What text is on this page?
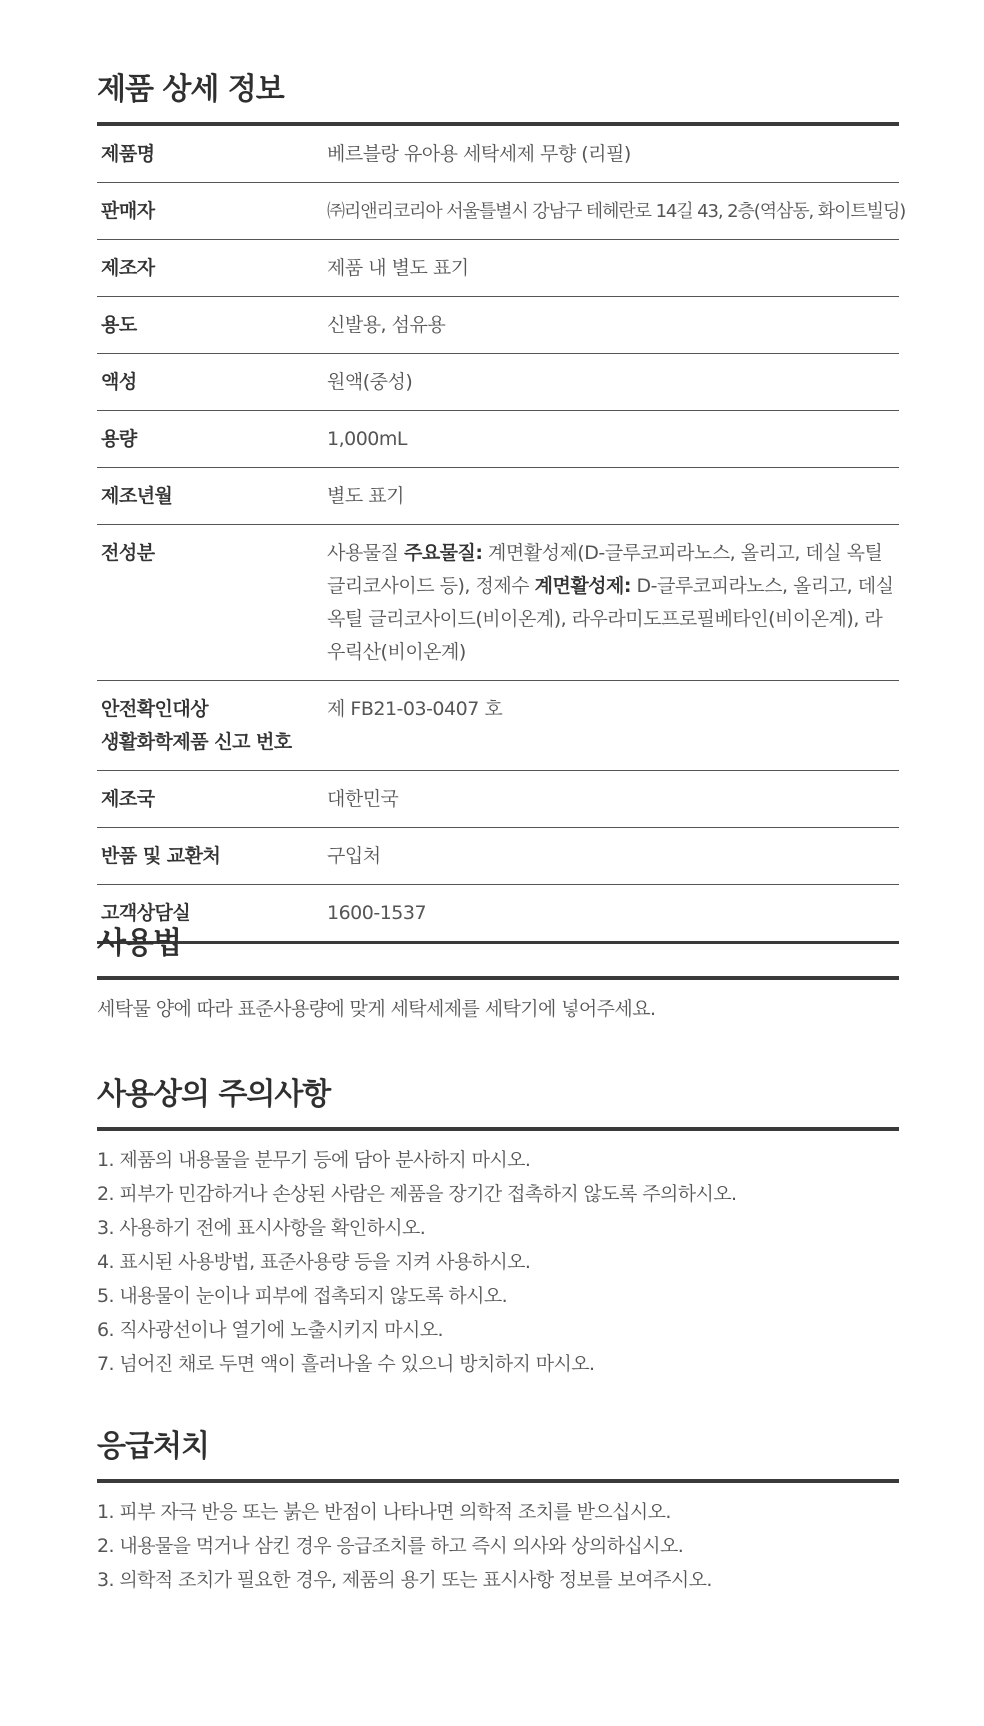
제품 상세 정보
제품명	베르블랑 유아용 세탁세제 무향 (리필)
판매자	㈜리앤리코리아 서울틀별시 강남구 테헤란로 14길 43, 2층(역삼동, 화이트빌딩)
제조자	제품 내 별도 표기
용도	신발용, 섬유용
액성	원액(중성)
용량	1,000mL
제조년월	별도 표기
전성분	사용물질 주요물질: 계면활성제(D-글루코피라노스, 올리고, 데실 옥틸 글리코사이드 등), 정제수 계면활성제: D-글루코피라노스, 올리고, 데실 옥틸 글리코사이드(비이온계), 라우라미도프로필베타인(비이온계), 라우릭산(비이온계)
안전확인대상
생활화학제품 신고 번호	제 FB21-03-0407 호
제조국	대한민국
반품 및 교환처	구입처
고객상담실	1600-1537
사용법
세탁물 양에 따라 표준사용량에 맞게 세탁세제를 세탁기에 넣어주세요.
사용상의 주의사항
1. 제품의 내용물을 분무기 등에 담아 분사하지 마시오.
2. 피부가 민감하거나 손상된 사람은 제품을 장기간 접촉하지 않도록 주의하시오.
3. 사용하기 전에 표시사항을 확인하시오.
4. 표시된 사용방법, 표준사용량 등을 지켜 사용하시오.
5. 내용물이 눈이나 피부에 접촉되지 않도록 하시오.
6. 직사광선이나 열기에 노출시키지 마시오.
7. 넘어진 채로 두면 액이 흘러나올 수 있으니 방치하지 마시오.
응급처치
1. 피부 자극 반응 또는 붉은 반점이 나타나면 의학적 조치를 받으십시오.
2. 내용물을 먹거나 삼킨 경우 응급조치를 하고 즉시 의사와 상의하십시오.
3. 의학적 조치가 필요한 경우, 제품의 용기 또는 표시사항 정보를 보여주시오.
